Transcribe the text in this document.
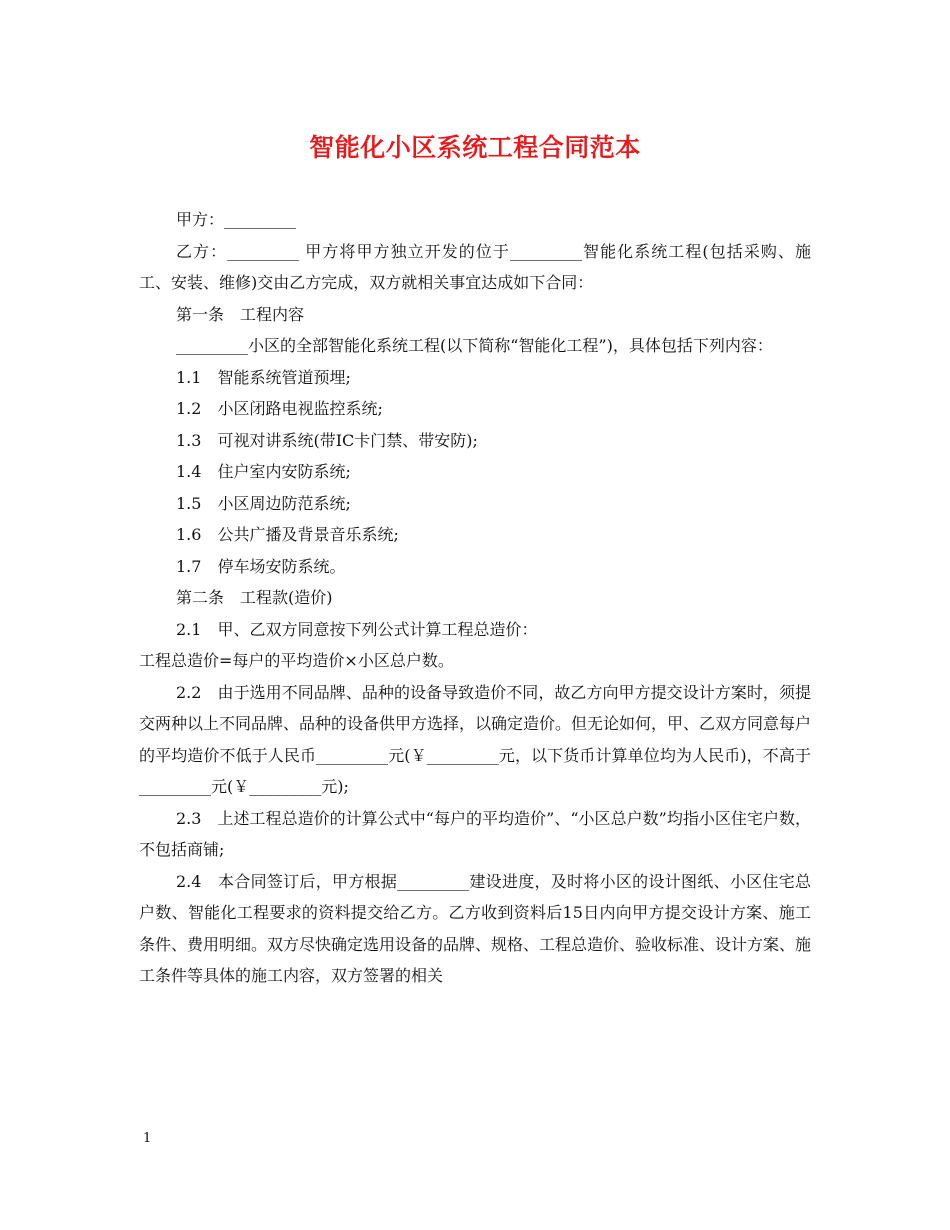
智能化小区系统工程合同范本

甲方：_________

乙方：_________ 甲方将甲方独立开发的位于_________智能化系统工程(包括采购、施工、安装、维修)交由乙方完成，双方就相关事宜达成如下合同：

第一条　工程内容

_________小区的全部智能化系统工程(以下简称“智能化工程”)，具体包括下列内容：

1.1　智能系统管道预埋;

1.2　小区闭路电视监控系统;

1.3　可视对讲系统(带IC卡门禁、带安防);

1.4　住户室内安防系统;

1.5　小区周边防范系统;

1.6　公共广播及背景音乐系统;

1.7　停车场安防系统。

第二条　工程款(造价)

2.1　甲、乙双方同意按下列公式计算工程总造价：

工程总造价=每户的平均造价×小区总户数。

2.2　由于选用不同品牌、品种的设备导致造价不同，故乙方向甲方提交设计方案时，须提交两种以上不同品牌、品种的设备供甲方选择，以确定造价。但无论如何，甲、乙双方同意每户的平均造价不低于人民币_________元(￥_________元，以下货币计算单位均为人民币)，不高于_________元(￥_________元);

2.3　上述工程总造价的计算公式中“每户的平均造价”、“小区总户数”均指小区住宅户数，不包括商铺;

2.4　本合同签订后，甲方根据_________建设进度，及时将小区的设计图纸、小区住宅总户数、智能化工程要求的资料提交给乙方。乙方收到资料后15日内向甲方提交设计方案、施工条件、费用明细。双方尽快确定选用设备的品牌、规格、工程总造价、验收标准、设计方案、施工条件等具体的施工内容，双方签署的相关

1
